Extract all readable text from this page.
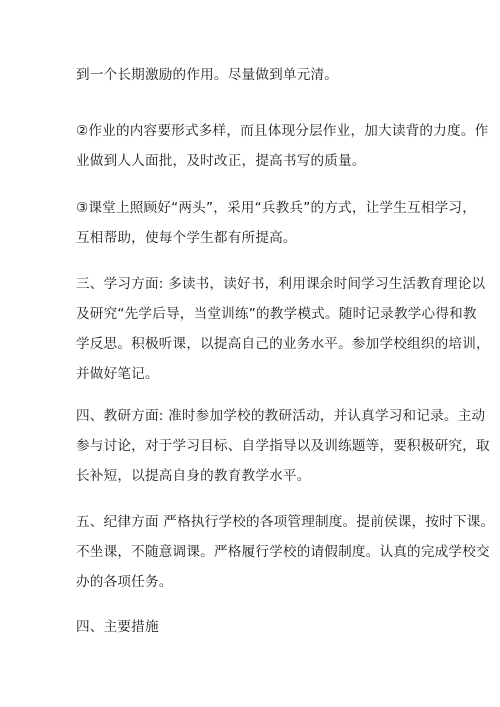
到一个长期激励的作用。尽量做到单元清。

②作业的内容要形式多样，而且体现分层作业，加大读背的力度。作
业做到人人面批，及时改正，提高书写的质量。

③课堂上照顾好“两头”，采用“兵教兵”的方式，让学生互相学习，
互相帮助，使每个学生都有所提高。

三、学习方面: 多读书，读好书，利用课余时间学习生活教育理论以
及研究“先学后导，当堂训练”的教学模式。随时记录教学心得和教
学反思。积极听课，以提高自己的业务水平。参加学校组织的培训，
并做好笔记。

四、教研方面: 准时参加学校的教研活动，并认真学习和记录。主动
参与讨论，对于学习目标、自学指导以及训练题等，要积极研究，取
长补短，以提高自身的教育教学水平。

五、纪律方面 严格执行学校的各项管理制度。提前侯课，按时下课。
不坐课，不随意调课。严格履行学校的请假制度。认真的完成学校交
办的各项任务。

四、主要措施
